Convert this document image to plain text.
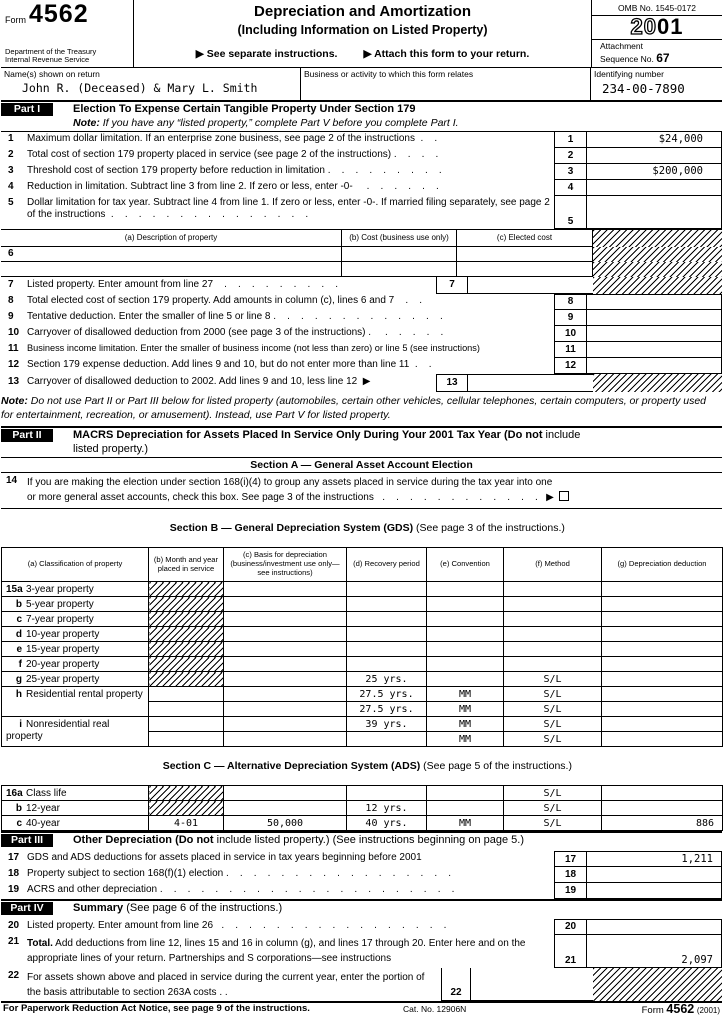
Form 4562
Department of the Treasury
Internal Revenue Service
Depreciation and Amortization
(Including Information on Listed Property)
▶ See separate instructions. ▶ Attach this form to your return.
OMB No. 1545-0172
2001
Attachment
Sequence No. 67
Name(s) shown on return
John R. (Deceased) & Mary L. Smith
Business or activity to which this form relates	Identifying number
234-00-7890
Part I	Election To Expense Certain Tangible Property Under Section 179
Note: If you have any “listed property,” complete Part V before you complete Part I.
1	Maximum dollar limitation. If an enterprise zone business, see page 2 of the instructions  .    .	1	$24,000
2	Total cost of section 179 property placed in service (see page 2 of the instructions) .    .    .    .	2
3	Threshold cost of section 179 property before reduction in limitation .    .    .    .    .    .    .    .    .	3	$200,000
4	Reduction in limitation. Subtract line 3 from line 2. If zero or less, enter -0-     .    .    .    .    .    .	4
5	Dollar limitation for tax year. Subtract line 4 from line 1. If zero or less, enter -0-. If married filing separately, see page 2 of the instructions  .    .    .    .    .    .    .    .    .    .    .    .    .    .    .
5
(a) Description of property	(b) Cost (business use only)	(c) Elected cost
6
7	Listed property. Enter amount from line 27    .    .    .    .    .    .    .    .    .	7
8	Total elected cost of section 179 property. Add amounts in column (c), lines 6 and 7    .    .	8
9	Tentative deduction. Enter the smaller of line 5 or line 8 .    .    .    .    .    .    .    .    .    .    .    .    .	9
10 Carryover of disallowed deduction from 2000 (see page 3 of the instructions) .     .    .    .    .    .	10
11 Business income limitation. Enter the smaller of business income (not less than zero) or line 5 (see instructions)	11
12 Section 179 expense deduction. Add lines 9 and 10, but do not enter more than line 11  .    .	12
13 Carryover of disallowed deduction to 2002. Add lines 9 and 10, less line 12  ▶	13
Note: Do not use Part II or Part III below for listed property (automobiles, certain other vehicles, cellular telephones, certain computers, or property used for entertainment, recreation, or amusement). Instead, use Part V for listed property.
Part II	MACRS Depreciation for Assets Placed In Service Only During Your 2001 Tax Year (Do not include
listed property.)
Section A — General Asset Account Election
14 If you are making the election under section 168(i)(4) to group any assets placed in service during the tax year into one
or more general asset accounts, check this box. See page 3 of the instructions   .    .    .    .    .    .    .    .    .    .    .    .   ▶

Section B — General Depreciation System (GDS) (See page 3 of the instructions.)

(a) Classification of property	(b) Month and year placed in service	(c) Basis for depreciation (business/investment use only—see instructions)	(d) Recovery period	(e) Convention	(f) Method	(g) Depreciation deduction
15a 3-year property						
b 5-year property						
c 7-year property						
d 10-year property						
e 15-year property						
f 20-year property						
g 25-year property			25 yrs.		S/L	
h Residential rental property			27.5 yrs.	MM	S/L	
			27.5 yrs.	MM	S/L	
i Nonresidential real property			39 yrs.	MM	S/L	
				MM	S/L	

Section C — Alternative Depreciation System (ADS) (See page 5 of the instructions.)

16a Class life					S/L	
b 12-year			12 yrs.		S/L	
c 40-year	4-01	50,000	40 yrs.	MM	S/L	886
Part III	Other Depreciation (Do not include listed property.) (See instructions beginning on page 5.)
17 GDS and ADS deductions for assets placed in service in tax years beginning before 2001	17	1,211
18 Property subject to section 168(f)(1) election .    .    .    .    .    .    .    .    .    .    .    .    .    .    .    .    .	18
19 ACRS and other depreciation .    .    .    .    .    .    .    .    .    .    .    .    .    .    .    .    .    .    .    .    .    .	19
Part IV	Summary (See page 6 of the instructions.)
20 Listed property. Enter amount from line 26   .    .    .    .    .    .    .    .    .    .    .    .    .    .    .    .    .	20
21 Total. Add deductions from line 12, lines 15 and 16 in column (g), and lines 17 through 20. Enter here and on the appropriate lines of your return. Partnerships and S corporations—see instructions	21	2,097
22 For assets shown above and placed in service during the current year, enter the portion of the basis attributable to section 263A costs . .	22
For Paperwork Reduction Act Notice, see page 9 of the instructions.	Cat. No. 12906N	Form 4562 (2001)
